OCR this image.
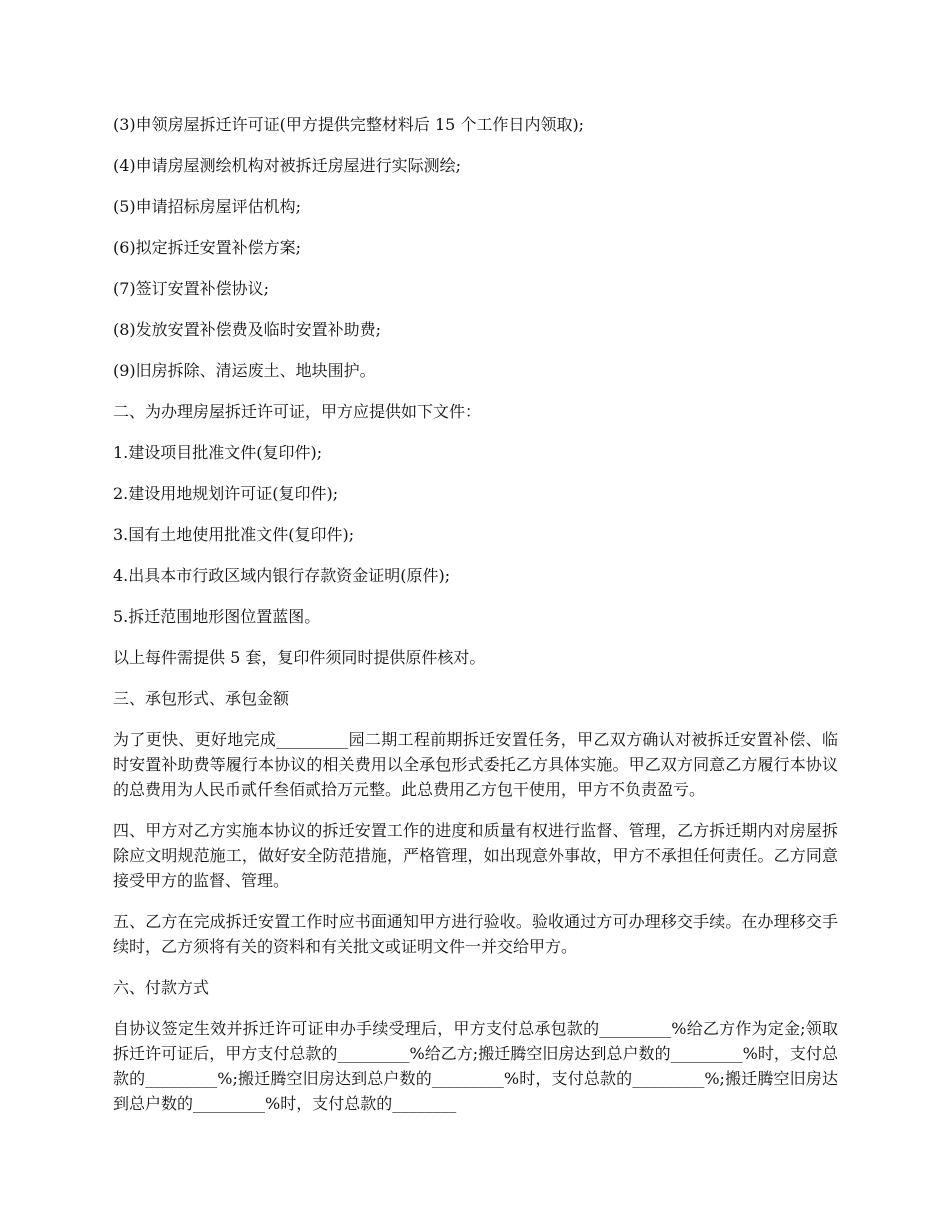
(3)申领房屋拆迁许可证(甲方提供完整材料后 15 个工作日内领取);

(4)申请房屋测绘机构对被拆迁房屋进行实际测绘;

(5)申请招标房屋评估机构;

(6)拟定拆迁安置补偿方案;

(7)签订安置补偿协议;

(8)发放安置补偿费及临时安置补助费;

(9)旧房拆除、清运废土、地块围护。

二、为办理房屋拆迁许可证，甲方应提供如下文件：

1.建设项目批准文件(复印件);

2.建设用地规划许可证(复印件);

3.国有土地使用批准文件(复印件);

4.出具本市行政区域内银行存款资金证明(原件);

5.拆迁范围地形图位置蓝图。

以上每件需提供 5 套，复印件须同时提供原件核对。

三、承包形式、承包金额

为了更快、更好地完成_________园二期工程前期拆迁安置任务，甲乙双方确认对被拆迁安置补偿、临时安置补助费等履行本协议的相关费用以全承包形式委托乙方具体实施。甲乙双方同意乙方履行本协议的总费用为人民币贰仟叁佰贰拾万元整。此总费用乙方包干使用，甲方不负责盈亏。

四、甲方对乙方实施本协议的拆迁安置工作的进度和质量有权进行监督、管理，乙方拆迁期内对房屋拆除应文明规范施工，做好安全防范措施，严格管理，如出现意外事故，甲方不承担任何责任。乙方同意接受甲方的监督、管理。

五、乙方在完成拆迁安置工作时应书面通知甲方进行验收。验收通过方可办理移交手续。在办理移交手续时，乙方须将有关的资料和有关批文或证明文件一并交给甲方。

六、付款方式

自协议签定生效并拆迁许可证申办手续受理后，甲方支付总承包款的_________%给乙方作为定金;领取拆迁许可证后，甲方支付总款的_________%给乙方;搬迁腾空旧房达到总户数的_________%时，支付总款的_________%;搬迁腾空旧房达到总户数的_________%时，支付总款的_________%;搬迁腾空旧房达到总户数的_________%时，支付总款的________
